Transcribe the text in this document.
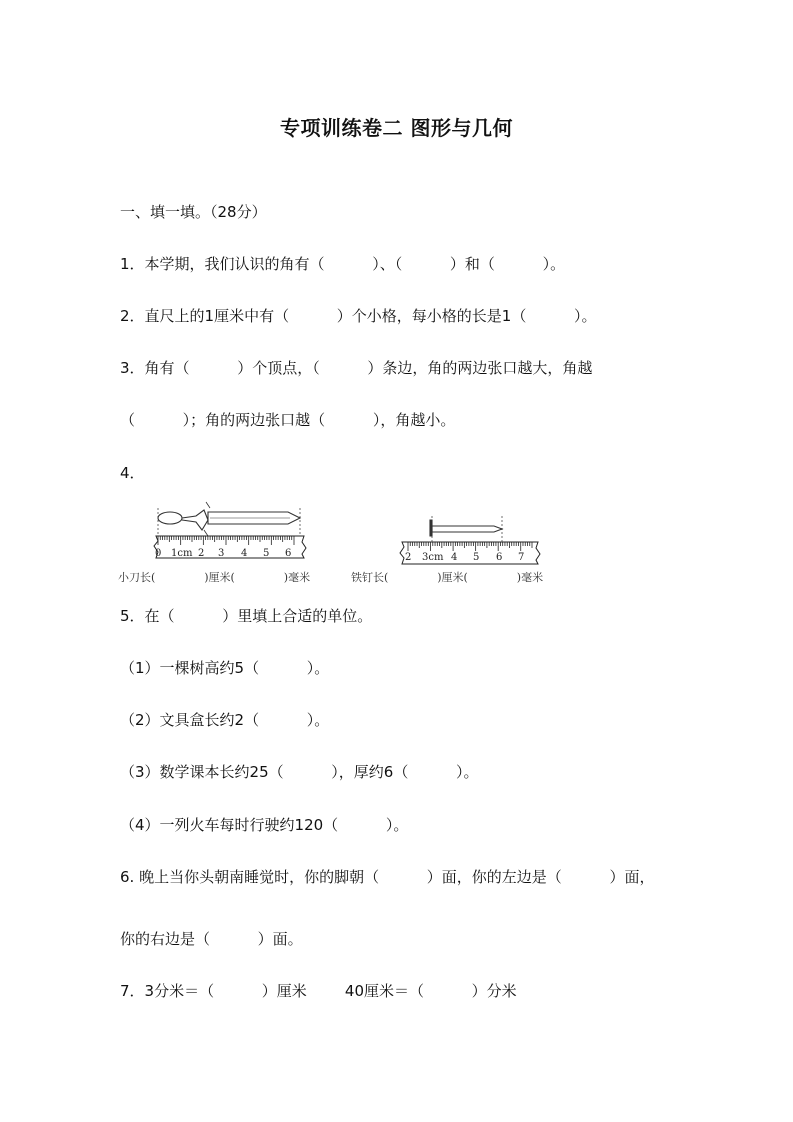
专项训练卷二 图形与几何
一、填一填。（28分）
1．本学期，我们认识的角有（          ）、（          ）和（          ）。
2．直尺上的1厘米中有（          ）个小格，每小格的长是1（          ）。
3．角有（          ）个顶点，（          ）条边，角的两边张口越大，角越
（          ）；角的两边张口越（          ），角越小。
4．
0 1cm 2 3 4 5 6	2 3cm 4 5 6 7
小刀长(              )厘米(              )毫米	铁钉长(              )厘米(              )毫米
5．在（          ）里填上合适的单位。
（1）一棵树高约5（          ）。
（2）文具盒长约2（          ）。
（3）数学课本长约25（          ），厚约6（          ）。
（4）一列火车每时行驶约120（          ）。
6. 晚上当你头朝南睡觉时，你的脚朝（          ）面，你的左边是（          ）面，
你的右边是（          ）面。
7．3分米＝（          ）厘米        40厘米＝（          ）分米
